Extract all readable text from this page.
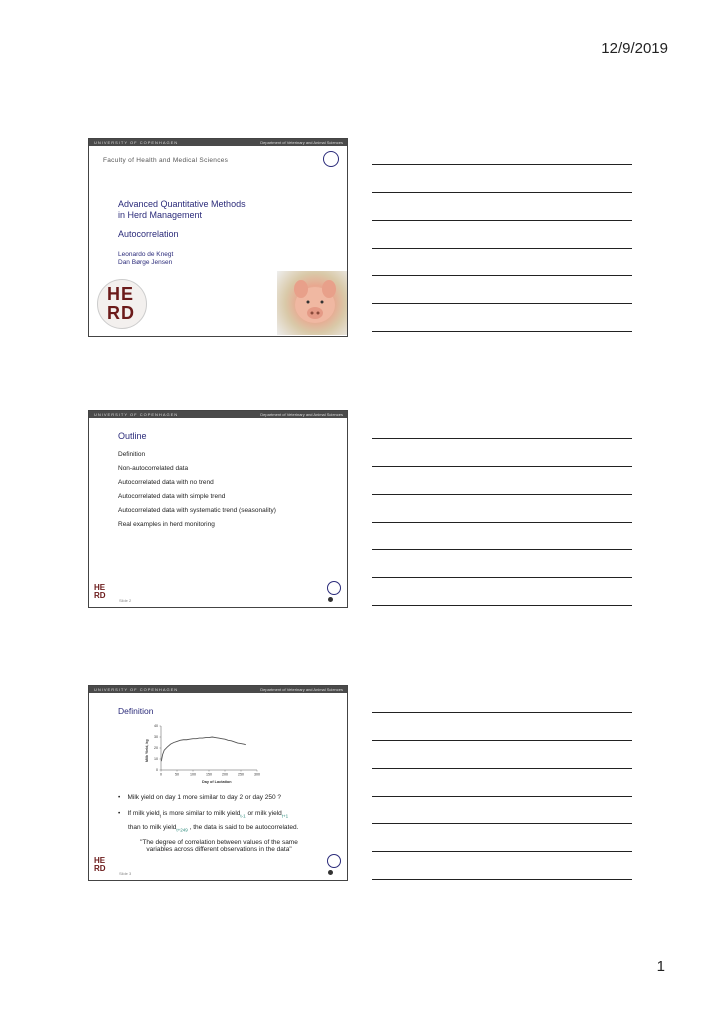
12/9/2019
UNIVERSITY OF COPENHAGEN	Department of Veterinary and Animal Sciences
Faculty of Health and Medical Sciences
Advanced Quantitative Methods
in Herd Management
Autocorrelation
Leonardo de Knegt
Dan Børge Jensen
HE
RD
UNIVERSITY OF COPENHAGEN	Department of Veterinary and Animal Sciences
Outline
Definition
Non-autocorrelated data
Autocorrelated data with no trend
Autocorrelated data with simple trend
Autocorrelated data with systematic trend (seasonality)
Real examples in herd monitoring
HE
RD
Slide 2
UNIVERSITY OF COPENHAGEN	Department of Veterinary and Animal Sciences
Definition
0
10
20
30
40
0	50	100	150	200	250	300
Milk Yield, kg
Day of Lactation
•    Milk yield on day 1 more similar to day 2 or day 250 ?
•    If milk yield$_t$ is more similar to milk yield$_{t-1}$ or milk yield$_{t+1}$
than to milk yield$_{t+249}$ , the data is said to be autocorrelated.
"The degree of correlation between values of the same
variables across different observations in the data"
HE
RD
Slide 3
1
